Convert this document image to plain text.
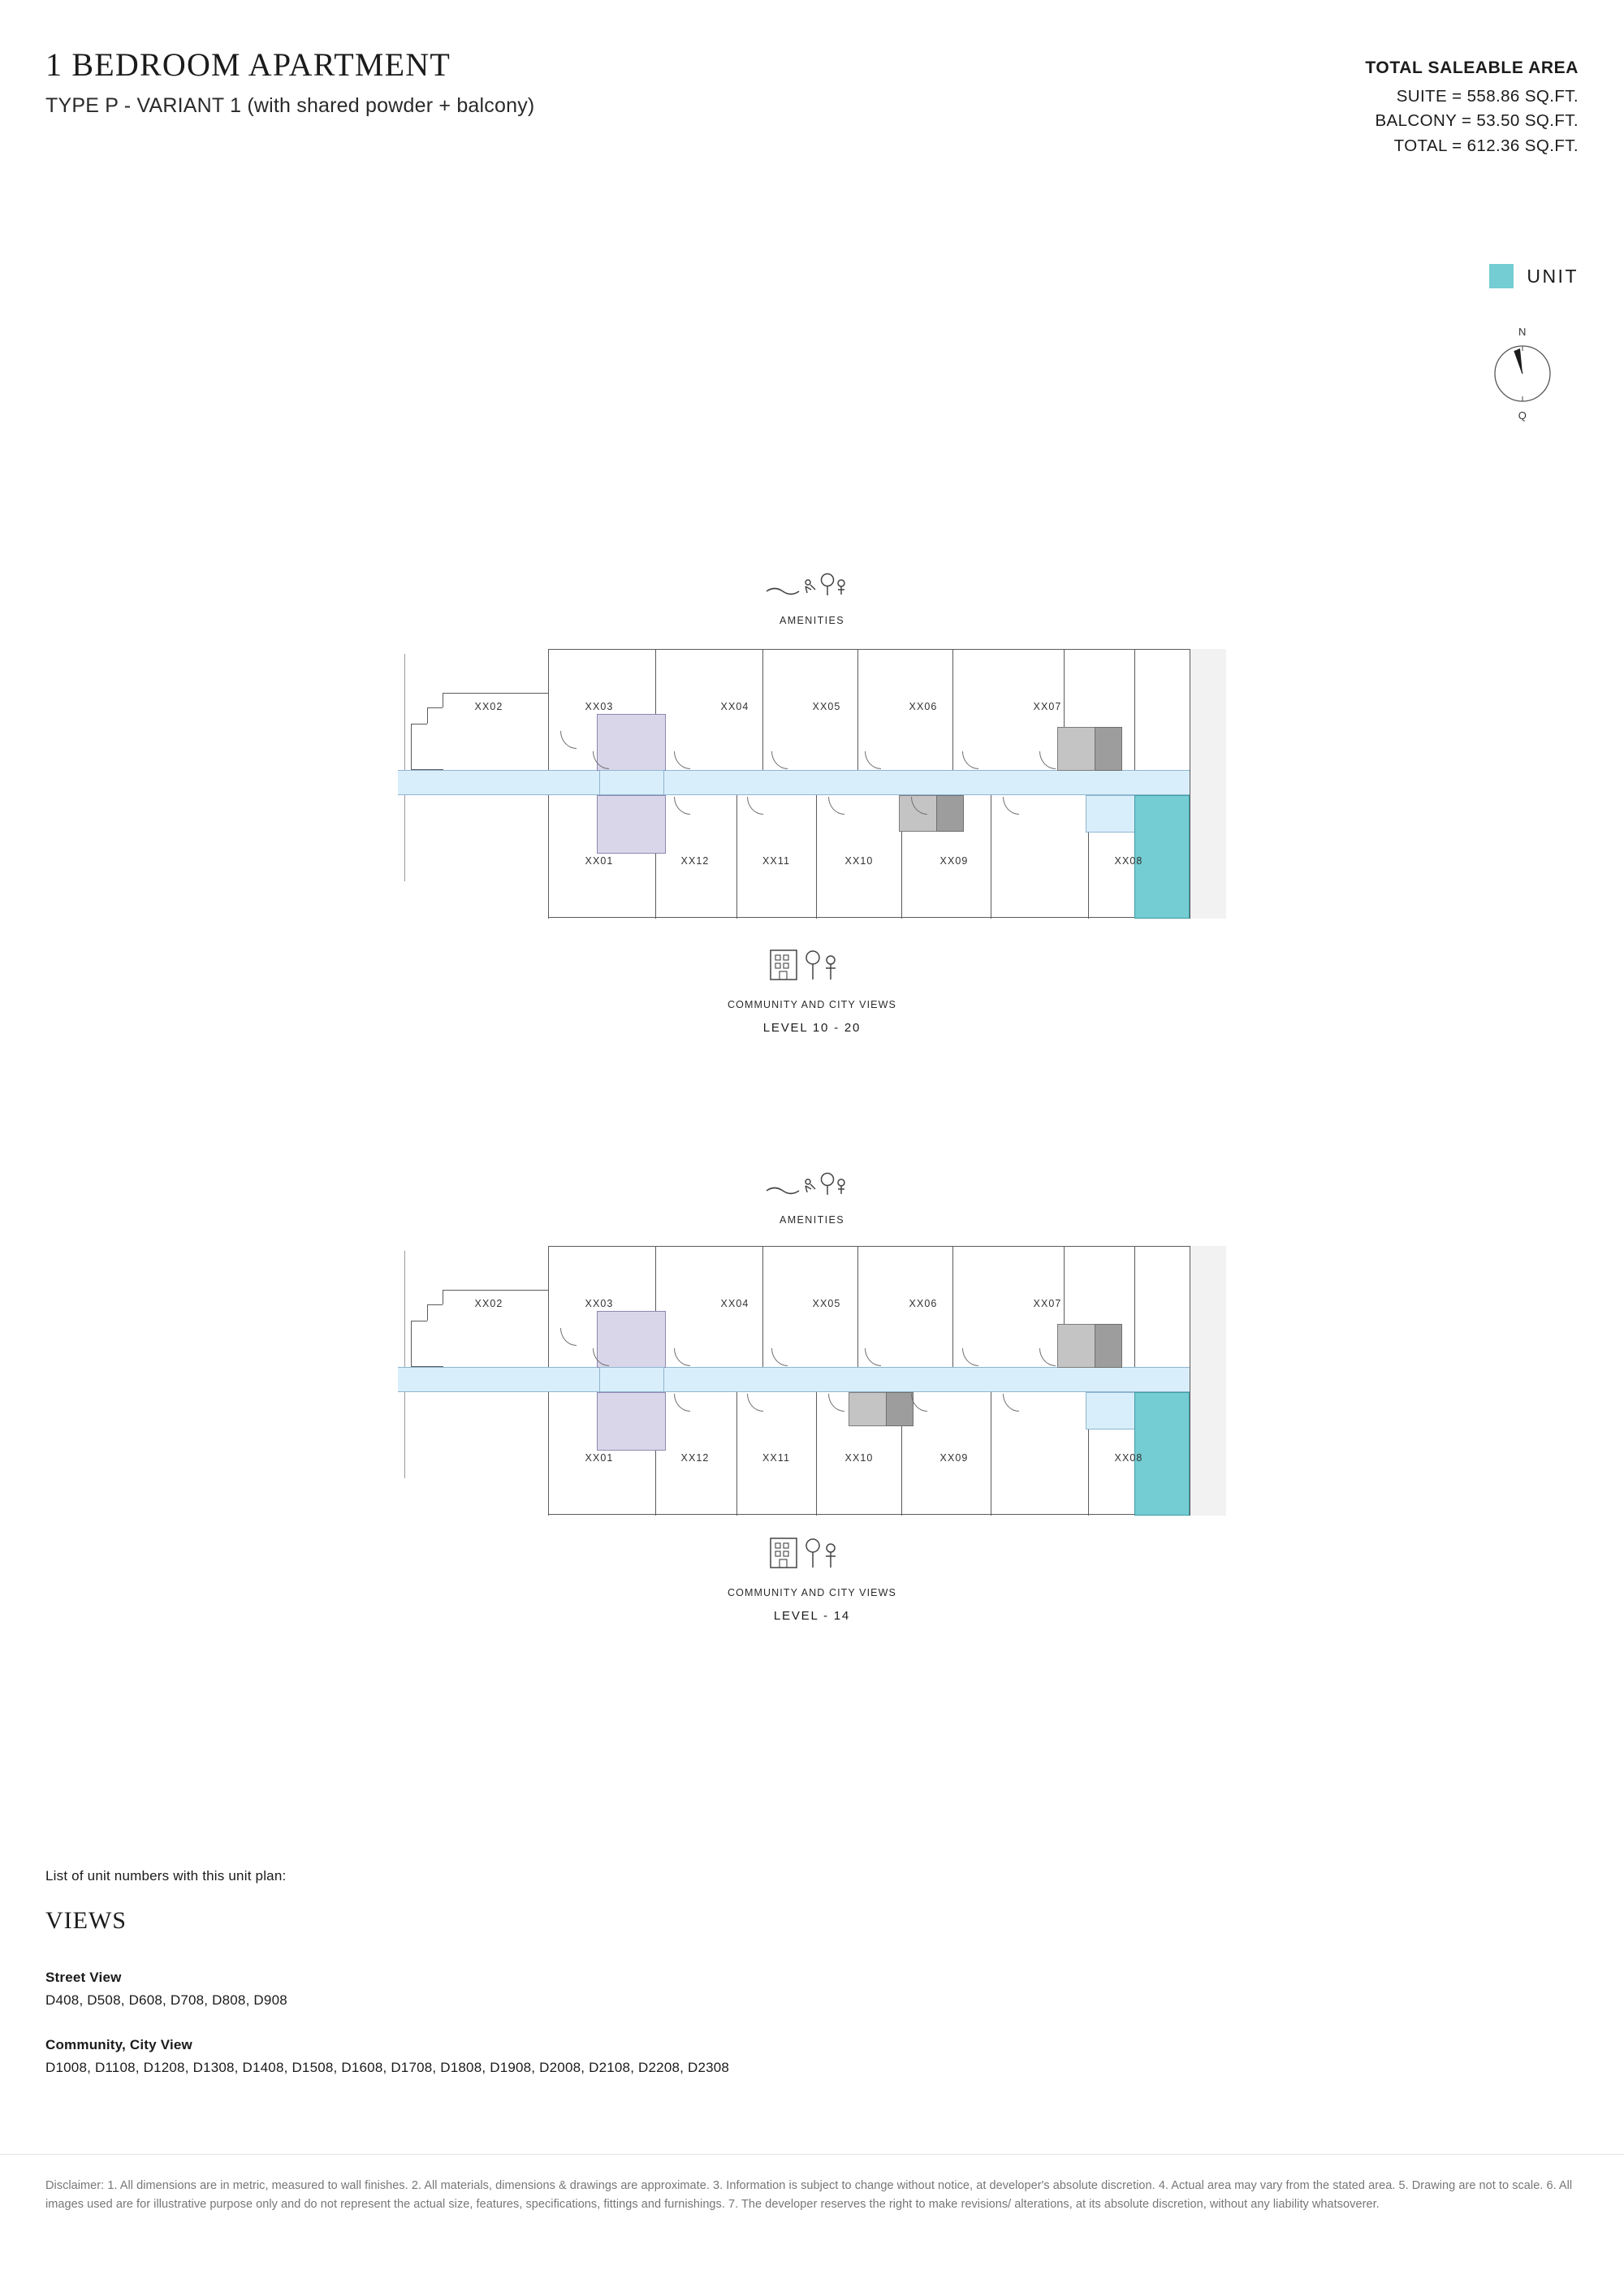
1 BEDROOM APARTMENT
TYPE P - VARIANT 1 (with shared powder + balcony)
TOTAL SALEABLE AREA
SUITE = 558.86 SQ.FT.
BALCONY = 53.50 SQ.FT.
TOTAL = 612.36 SQ.FT.
UNIT
N
Q
AMENITIES
XX02	XX03	XX04	XX05	XX06	XX07
XX01	XX12	XX11	XX10	XX09	XX08
COMMUNITY AND CITY VIEWS
LEVEL 10 - 20
AMENITIES
XX02	XX03	XX04	XX05	XX06	XX07
XX01	XX12	XX11	XX10	XX09	XX08
COMMUNITY AND CITY VIEWS
LEVEL - 14
List of unit numbers with this unit plan:
VIEWS
Street View
D408, D508, D608, D708, D808, D908
Community, City View
D1008, D1108, D1208, D1308, D1408, D1508, D1608, D1708, D1808, D1908, D2008, D2108, D2208, D2308
Disclaimer: 1. All dimensions are in metric, measured to wall finishes. 2. All materials, dimensions & drawings are approximate. 3. Information is subject to change without notice, at developer's absolute discretion. 4. Actual area may vary from the stated area. 5. Drawing are not to scale. 6. All images used are for illustrative purpose only and do not represent the actual size, features, specifications, fittings and furnishings. 7. The developer reserves the right to make revisions/ alterations, at its absolute discretion, without any liability whatsoverer.
